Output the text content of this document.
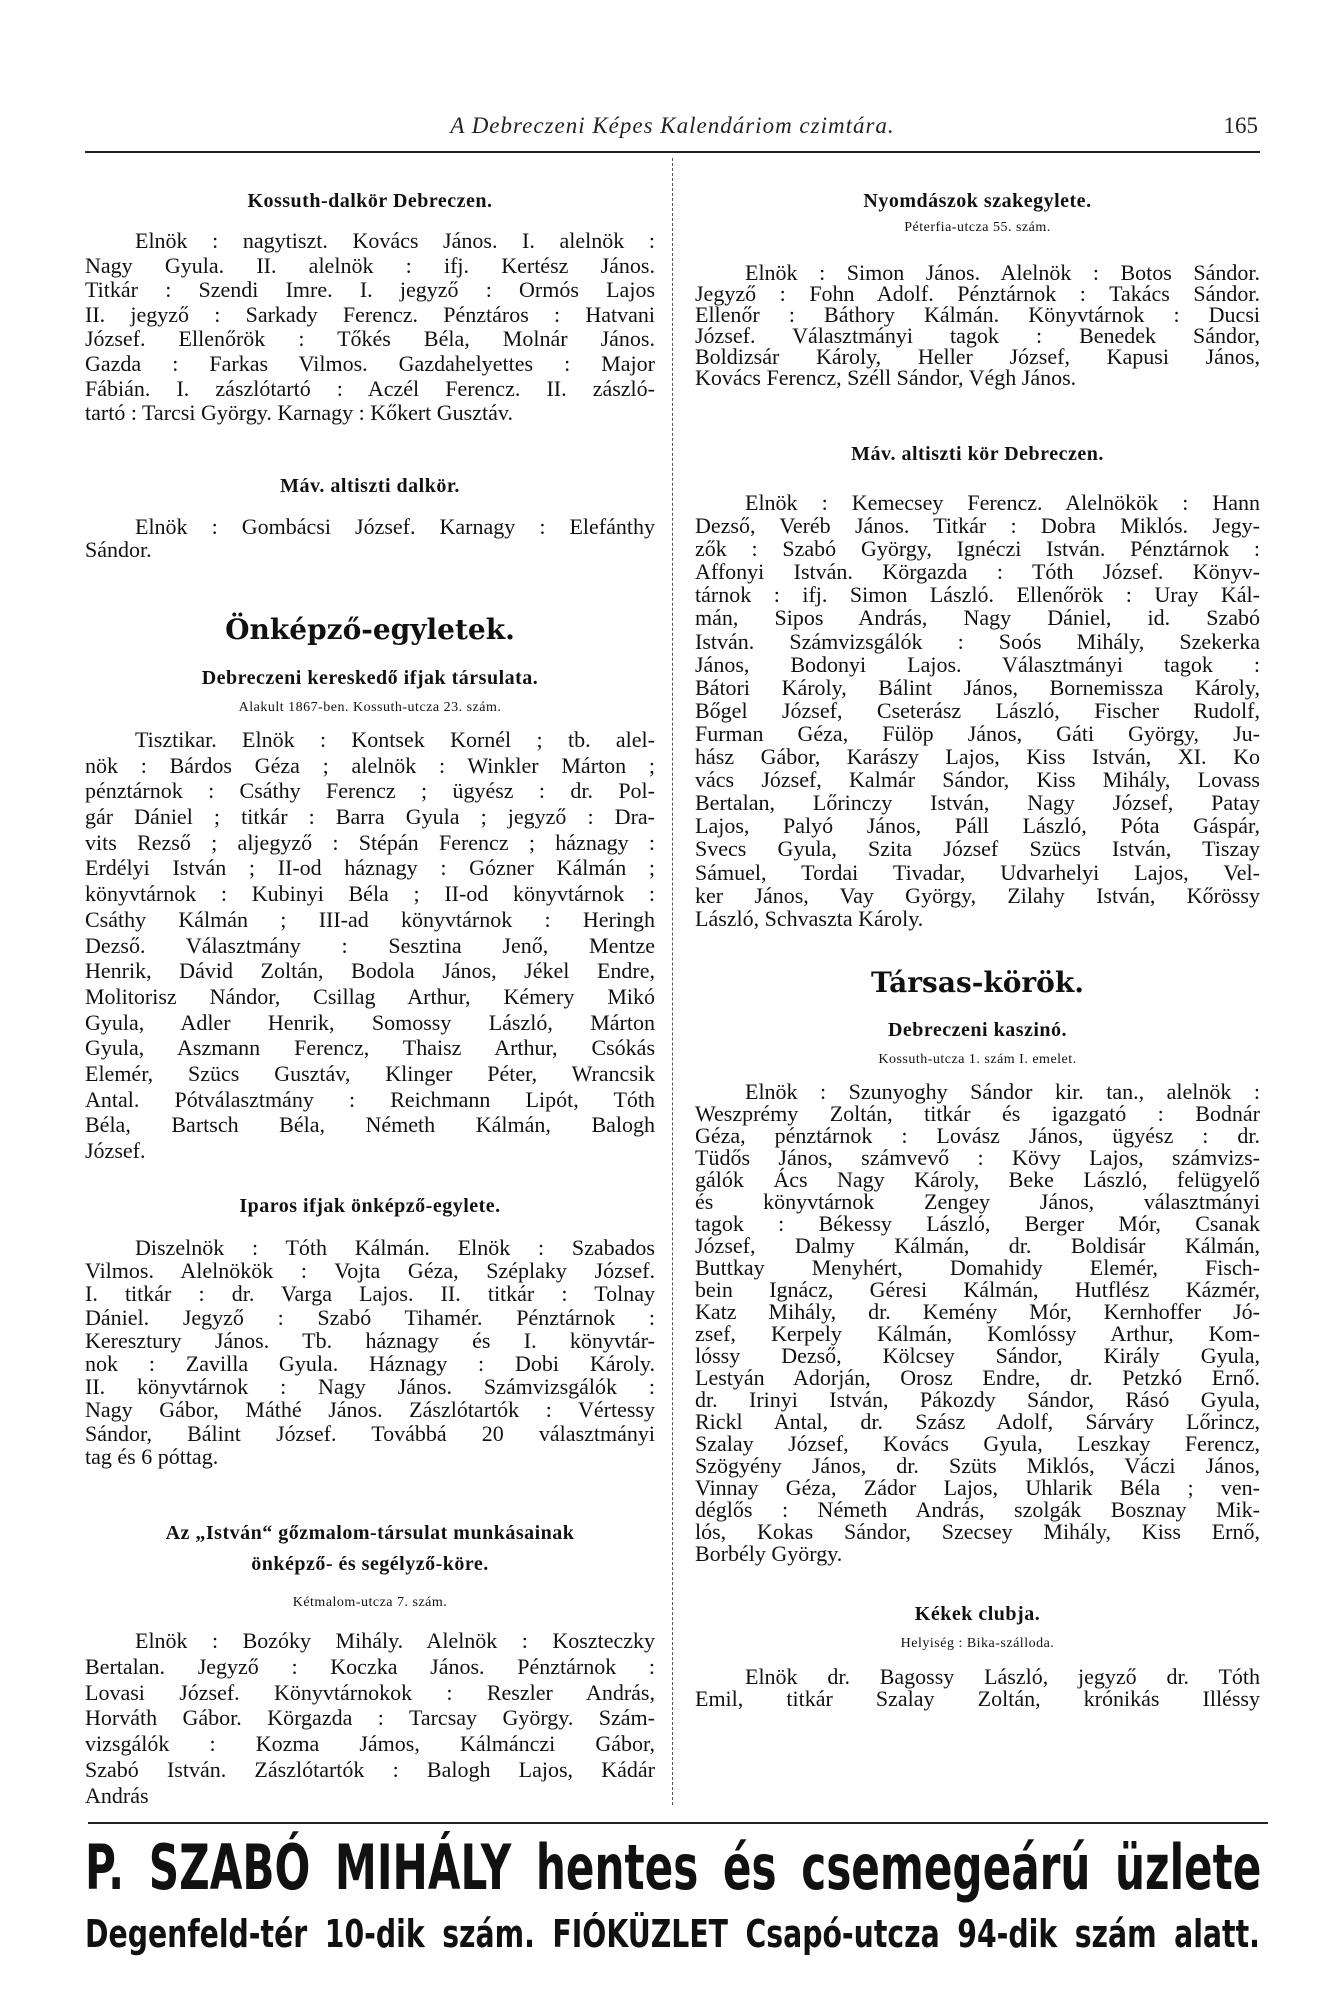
A Debreczeni Képes Kalendáriom czimtára.	165
Kossuth-dalkör Debreczen.
Elnök : nagytiszt. Kovács János. I. alelnök :
Nagy Gyula. II. alelnök : ifj. Kertész János.
Titkár : Szendi Imre. I. jegyző : Ormós Lajos
II. jegyző : Sarkady Ferencz. Pénztáros : Hatvani
József. Ellenőrök : Tőkés Béla, Molnár János.
Gazda : Farkas Vilmos. Gazdahelyettes : Major
Fábián. I. zászlótartó : Aczél Ferencz. II. zászló-
tartó : Tarcsi György. Karnagy : Kőkert Gusztáv.
Máv. altiszti dalkör.
Elnök : Gombácsi József. Karnagy : Elefánthy
Sándor.
Önképző-egyletek.
Debreczeni kereskedő ifjak társulata.
Alakult 1867-ben. Kossuth-utcza 23. szám.
Tisztikar. Elnök : Kontsek Kornél ; tb. alel-
nök : Bárdos Géza ; alelnök : Winkler Márton ;
pénztárnok : Csáthy Ferencz ; ügyész : dr. Pol-
gár Dániel ; titkár : Barra Gyula ; jegyző : Dra-
vits Rezső ; aljegyző : Stépán Ferencz ; háznagy :
Erdélyi István ; II-od háznagy : Gózner Kálmán ;
könyvtárnok : Kubinyi Béla ; II-od könyvtárnok :
Csáthy Kálmán ; III-ad könyvtárnok : Heringh
Dezső. Választmány : Sesztina Jenő, Mentze
Henrik, Dávid Zoltán, Bodola János, Jékel Endre,
Molitorisz Nándor, Csillag Arthur, Kémery Mikó
Gyula, Adler Henrik, Somossy László, Márton
Gyula, Aszmann Ferencz, Thaisz Arthur, Csókás
Elemér, Szücs Gusztáv, Klinger Péter, Wrancsik
Antal. Pótválasztmány : Reichmann Lipót, Tóth
Béla, Bartsch Béla, Németh Kálmán, Balogh
József.
Iparos ifjak önképző-egylete.
Diszelnök : Tóth Kálmán. Elnök : Szabados
Vilmos. Alelnökök : Vojta Géza, Széplaky József.
I. titkár : dr. Varga Lajos. II. titkár : Tolnay
Dániel. Jegyző : Szabó Tihamér. Pénztárnok :
Keresztury János. Tb. háznagy és I. könyvtár-
nok : Zavilla Gyula. Háznagy : Dobi Károly.
II. könyvtárnok : Nagy János. Számvizsgálók :
Nagy Gábor, Máthé János. Zászlótartók : Vértessy
Sándor, Bálint József. Továbbá 20 választmányi
tag és 6 póttag.
Az „István“ gőzmalom-társulat munkásainak
önképző- és segélyző-köre.
Kétmalom-utcza 7. szám.
Elnök : Bozóky Mihály. Alelnök : Koszteczky
Bertalan. Jegyző : Koczka János. Pénztárnok :
Lovasi József. Könyvtárnokok : Reszler András,
Horváth Gábor. Körgazda : Tarcsay György. Szám-
vizsgálók : Kozma Jámos, Kálmánczi Gábor,
Szabó István. Zászlótartók : Balogh Lajos, Kádár
András
Nyomdászok szakegylete.
Péterfia-utcza 55. szám.
Elnök : Simon János. Alelnök : Botos Sándor.
Jegyző : Fohn Adolf. Pénztárnok : Takács Sándor.
Ellenőr : Báthory Kálmán. Könyvtárnok : Ducsi
József. Választmányi tagok : Benedek Sándor,
Boldizsár Károly, Heller József, Kapusi János,
Kovács Ferencz, Széll Sándor, Végh János.
Máv. altiszti kör Debreczen.
Elnök : Kemecsey Ferencz. Alelnökök : Hann
Dezső, Veréb János. Titkár : Dobra Miklós. Jegy-
zők : Szabó György, Ignéczi István. Pénztárnok :
Affonyi István. Körgazda : Tóth József. Könyv-
tárnok : ifj. Simon László. Ellenőrök : Uray Kál-
mán, Sipos András, Nagy Dániel, id. Szabó
István. Számvizsgálók : Soós Mihály, Szekerka
János, Bodonyi Lajos. Választmányi tagok :
Bátori Károly, Bálint János, Bornemissza Károly,
Bőgel József, Cseterász László, Fischer Rudolf,
Furman Géza, Fülöp János, Gáti György, Ju-
hász Gábor, Karászy Lajos, Kiss István, XI. Ko
vács József, Kalmár Sándor, Kiss Mihály, Lovass
Bertalan, Lőrinczy István, Nagy József, Patay
Lajos, Palyó János, Páll László, Póta Gáspár,
Svecs Gyula, Szita József Szücs István, Tiszay
Sámuel, Tordai Tivadar, Udvarhelyi Lajos, Vel-
ker János, Vay György, Zilahy István, Kőrössy
László, Schvaszta Károly.
Társas-körök.
Debreczeni kaszinó.
Kossuth-utcza 1. szám I. emelet.
Elnök : Szunyoghy Sándor kir. tan., alelnök :
Weszprémy Zoltán, titkár és igazgató : Bodnár
Géza, pénztárnok : Lovász János, ügyész : dr.
Tüdős János, számvevő : Kövy Lajos, számvizs-
gálók Ács Nagy Károly, Beke László, felügyelő
és könyvtárnok Zengey János, választmányi
tagok : Békessy László, Berger Mór, Csanak
József, Dalmy Kálmán, dr. Boldisár Kálmán,
Buttkay Menyhért, Domahidy Elemér, Fisch-
bein Ignácz, Géresi Kálmán, Hutflész Kázmér,
Katz Mihály, dr. Kemény Mór, Kernhoffer Jó-
zsef, Kerpely Kálmán, Komlóssy Arthur, Kom-
lóssy Dezső, Kölcsey Sándor, Király Gyula,
Lestyán Adorján, Orosz Endre, dr. Petzkó Ernő.
dr. Irinyi István, Pákozdy Sándor, Rásó Gyula,
Rickl Antal, dr. Szász Adolf, Sárváry Lőrincz,
Szalay József, Kovács Gyula, Leszkay Ferencz,
Szögyény János, dr. Szüts Miklós, Váczi János,
Vinnay Géza, Zádor Lajos, Uhlarik Béla ; ven-
déglős : Németh András, szolgák Bosznay Mik-
lós, Kokas Sándor, Szecsey Mihály, Kiss Ernő,
Borbély György.
Kékek clubja.
Helyiség : Bika-szálloda.
Elnök dr. Bagossy László, jegyző dr. Tóth
Emil, titkár Szalay Zoltán, krónikás Illéssy
P. SZABÓ MIHÁLY hentes és csemegeárú üzlete
Degenfeld-tér 10-dik szám. FIÓKÜZLET Csapó-utcza 94-dik szám alatt.
